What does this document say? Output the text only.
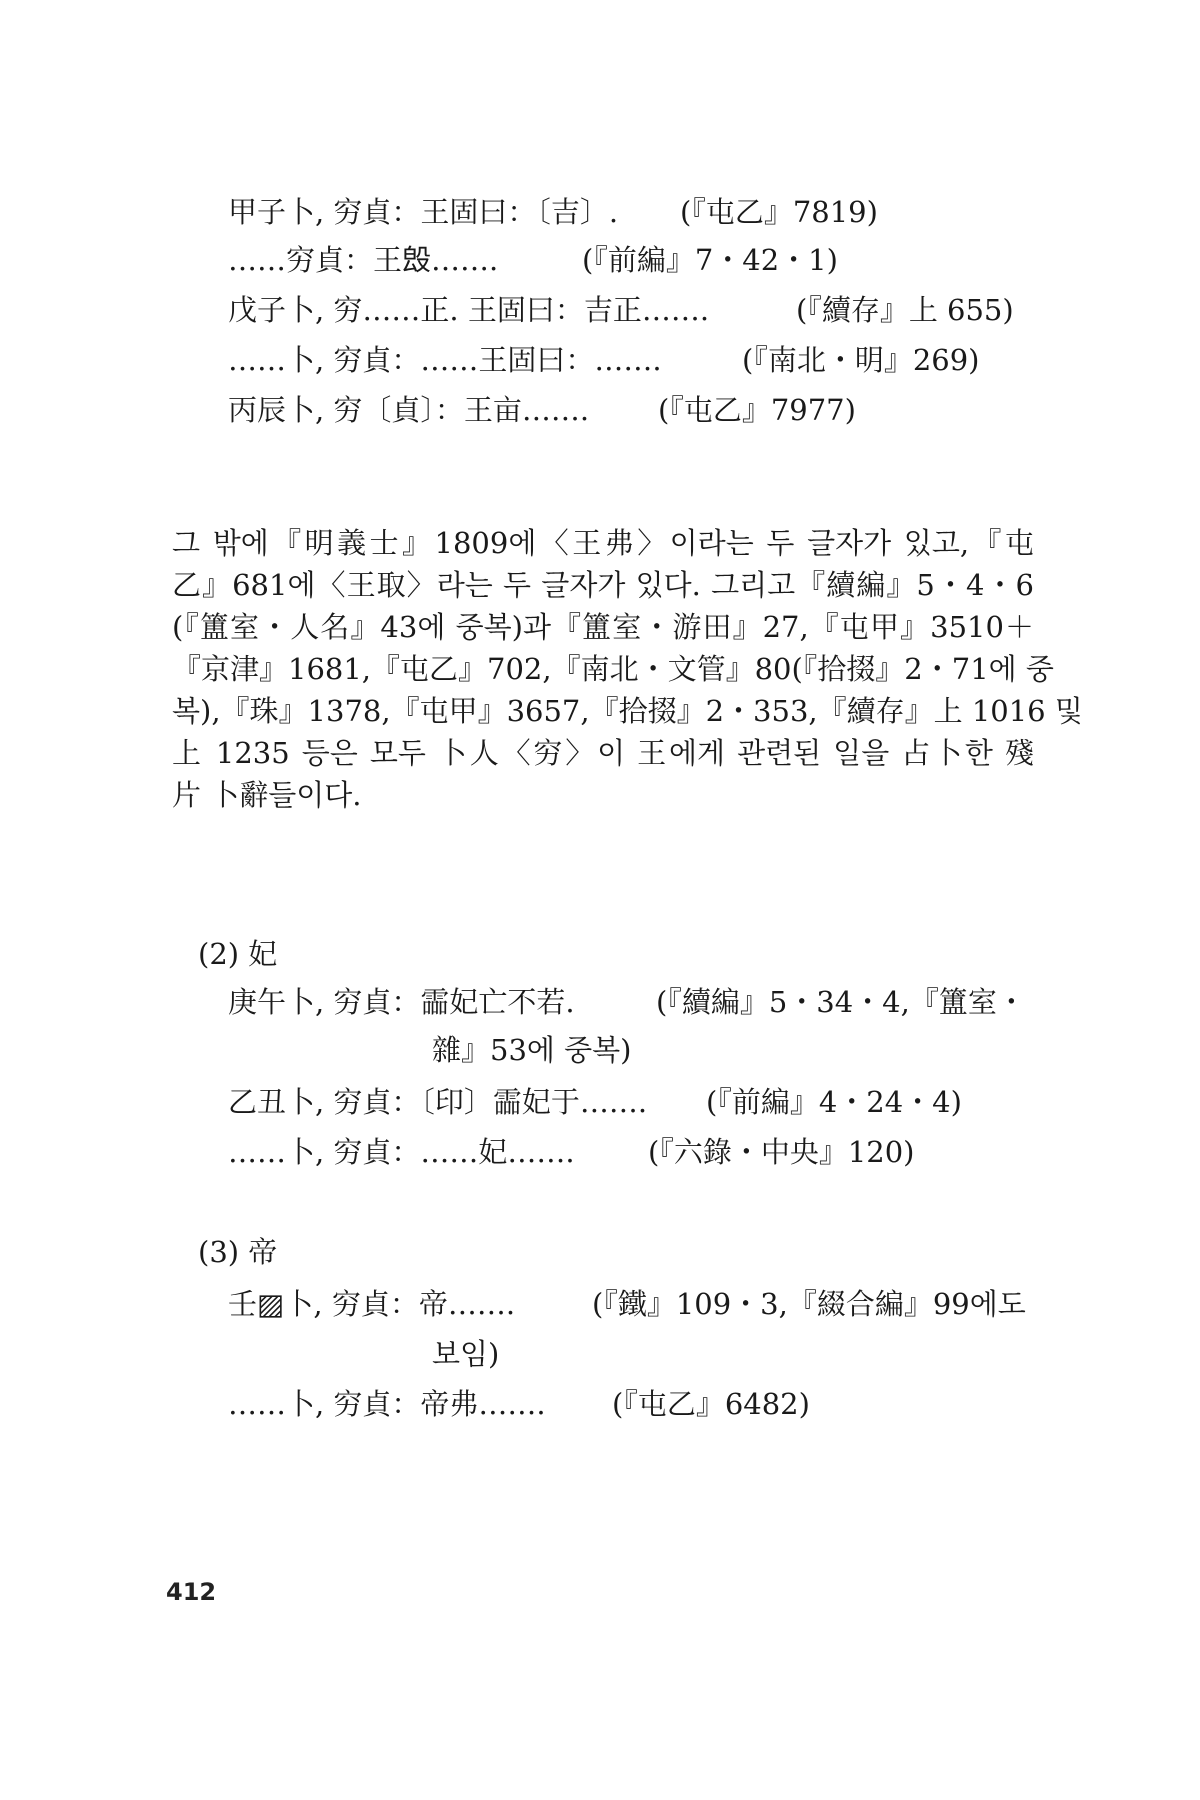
甲子卜, 穷貞：王固曰：〔吉〕. (『屯乙』7819)
……穷貞：王𣪕…….	(『前編』7・42・1)
戊子卜, 穷……正. 王固曰：吉正…….	(『續存』上 655)
……卜, 穷貞：……王固曰：…….	(『南北・明』269)
丙辰卜, 穷〔貞〕：王亩……. (『屯乙』7977)
그 밖에『明義士』1809에〈王弗〉이라는 두 글자가 있고,『屯
乙』681에〈王取〉라는 두 글자가 있다. 그리고『續編』5・4・6
(『簠室・人名』43에 중복)과『簠室・游田』27,『屯甲』3510＋
『京津』1681,『屯乙』702,『南北・文管』80(『拾掇』2・71에 중
복),『珠』1378,『屯甲』3657,『拾掇』2・353,『續存』上 1016 및
上 1235 등은 모두 卜人〈穷〉이 王에게 관련된 일을 占卜한 殘
片 卜辭들이다.
(2) 妃
庚午卜, 穷貞：霝妃亡不若.	(『續編』5・34・4,『簠室・
雜』53에 중복)
乙丑卜, 穷貞：〔印〕霝妃于……. (『前編』4・24・4)
……卜, 穷貞：……妃…….	(『六錄・中央』120)
(3) 帝
壬▨卜, 穷貞：帝…….	(『鐵』109・3,『綴合編』99에도
보임)
……卜, 穷貞：帝弗……. (『屯乙』6482)
412
